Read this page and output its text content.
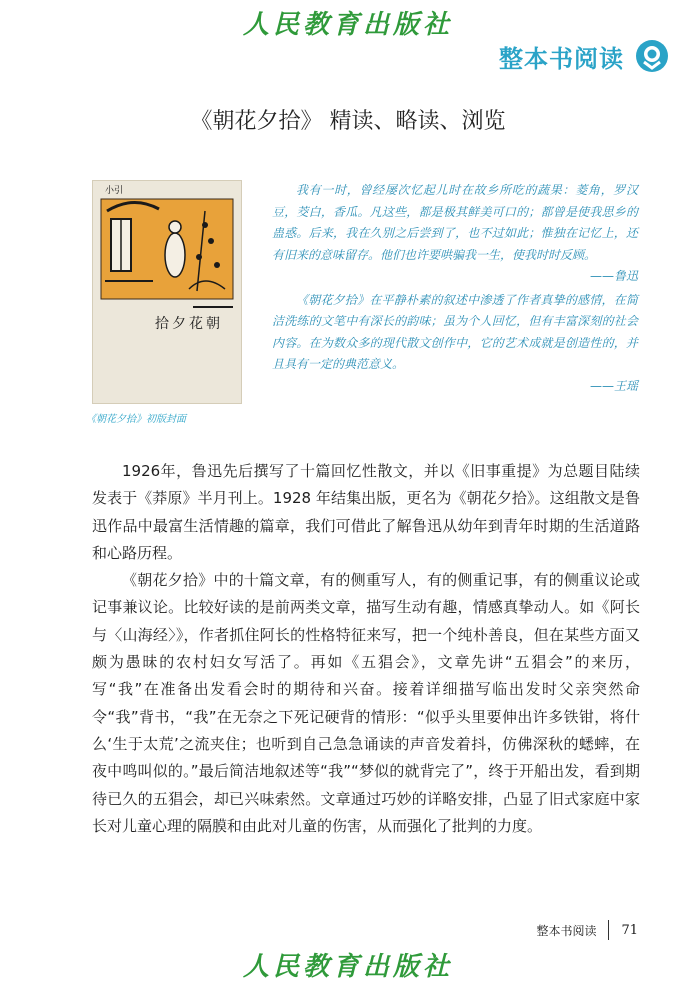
人民教育出版社
整本书阅读
《朝花夕拾》 精读、略读、浏览
小引
拾夕花朝
《朝花夕拾》初版封面

我有一时，曾经屡次忆起儿时在故乡所吃的蔬果：菱角，罗汉豆，茭白，香瓜。凡这些，都是极其鲜美可口的；都曾是使我思乡的蛊惑。后来，我在久别之后尝到了，也不过如此；惟独在记忆上，还有旧来的意味留存。他们也许要哄骗我一生，使我时时反顾。

——鲁迅

《朝花夕拾》在平静朴素的叙述中渗透了作者真挚的感情，在简洁洗练的文笔中有深长的韵味；虽为个人回忆，但有丰富深刻的社会内容。在为数众多的现代散文创作中，它的艺术成就是创造性的，并且具有一定的典范意义。

——王瑶

1926年，鲁迅先后撰写了十篇回忆性散文，并以《旧事重提》为总题目陆续发表于《莽原》半月刊上。1928 年结集出版，更名为《朝花夕拾》。这组散文是鲁迅作品中最富生活情趣的篇章，我们可借此了解鲁迅从幼年到青年时期的生活道路和心路历程。

《朝花夕拾》中的十篇文章，有的侧重写人，有的侧重记事，有的侧重议论或记事兼议论。比较好读的是前两类文章，描写生动有趣，情感真挚动人。如《阿长与〈山海经〉》，作者抓住阿长的性格特征来写，把一个纯朴善良，但在某些方面又颇为愚昧的农村妇女写活了。再如《五猖会》，文章先讲“五猖会”的来历，写“我”在准备出发看会时的期待和兴奋。接着详细描写临出发时父亲突然命令“我”背书，“我”在无奈之下死记硬背的情形：“似乎头里要伸出许多铁钳，将什么‘生于太荒’之流夹住；也听到自己急急诵读的声音发着抖，仿佛深秋的蟋蟀，在夜中鸣叫似的。”最后简洁地叙述等“我”“梦似的就背完了”，终于开船出发，看到期待已久的五猖会，却已兴味索然。文章通过巧妙的详略安排，凸显了旧式家庭中家长对儿童心理的隔膜和由此对儿童的伤害，从而强化了批判的力度。

整本书阅读 71
人民教育出版社
